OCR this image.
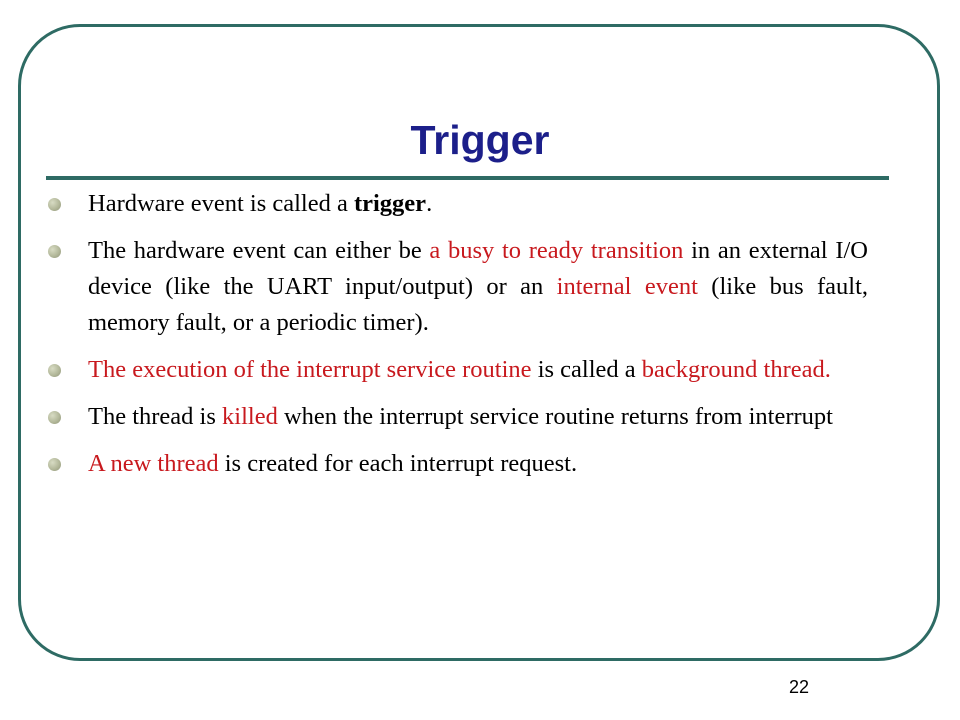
Trigger
Hardware event is called a trigger.
The hardware event can either be a busy to ready transition in an external I/O device (like the UART input/output) or an internal event (like bus fault, memory fault, or a periodic timer).
The execution of the interrupt service routine is called a background thread.
The thread is killed when the interrupt service routine returns from interrupt
A new thread is created for each interrupt request.
22
